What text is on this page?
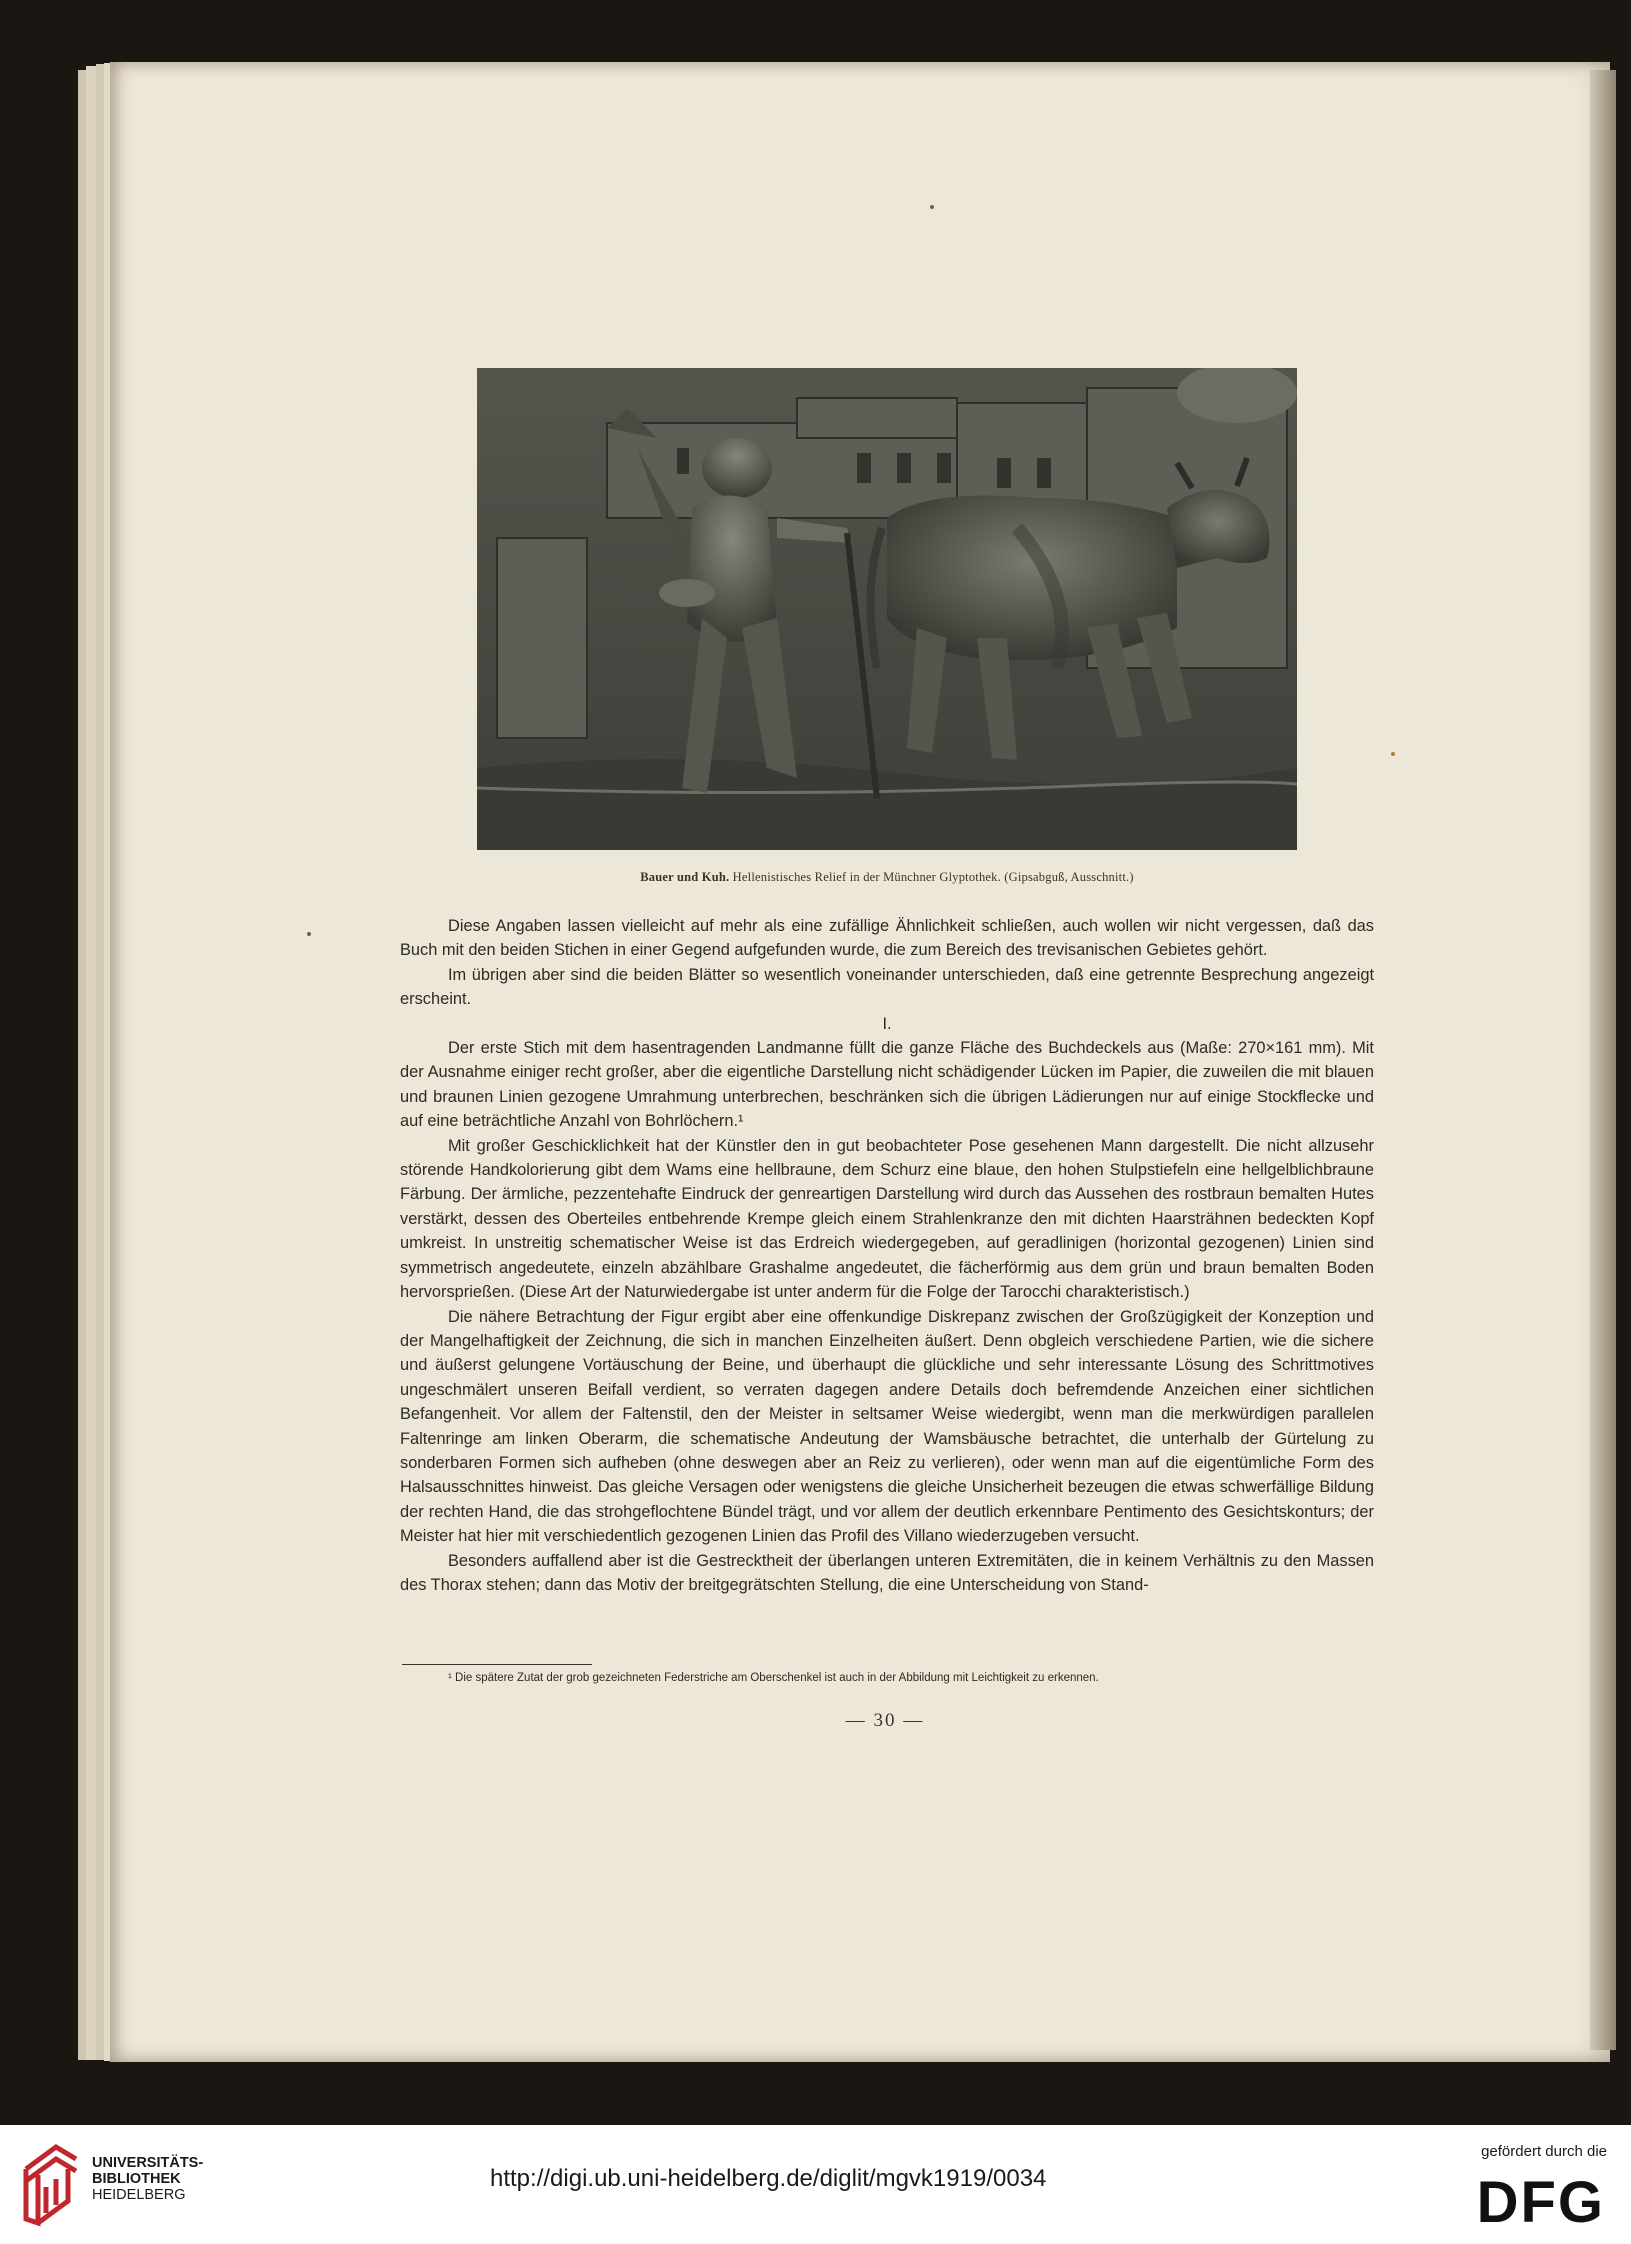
Bauer und Kuh. Hellenistisches Relief in der Münchner Glyptothek. (Gipsabguß, Ausschnitt.)

Diese Angaben lassen vielleicht auf mehr als eine zufällige Ähnlichkeit schließen, auch wollen wir nicht vergessen, daß das Buch mit den beiden Stichen in einer Gegend aufgefunden wurde, die zum Bereich des trevisanischen Gebietes gehört.

Im übrigen aber sind die beiden Blätter so wesentlich voneinander unterschieden, daß eine getrennte Besprechung angezeigt erscheint.

I.

Der erste Stich mit dem hasentragenden Landmanne füllt die ganze Fläche des Buchdeckels aus (Maße: 270×161 mm). Mit der Ausnahme einiger recht großer, aber die eigentliche Darstellung nicht schädigender Lücken im Papier, die zuweilen die mit blauen und braunen Linien gezogene Umrahmung unterbrechen, beschränken sich die übrigen Lädierungen nur auf einige Stockflecke und auf eine beträchtliche Anzahl von Bohrlöchern.¹

Mit großer Geschicklichkeit hat der Künstler den in gut beobachteter Pose gesehenen Mann dargestellt. Die nicht allzusehr störende Handkolorierung gibt dem Wams eine hellbraune, dem Schurz eine blaue, den hohen Stulpstiefeln eine hellgelblichbraune Färbung. Der ärmliche, pezzentehafte Eindruck der genreartigen Darstellung wird durch das Aussehen des rostbraun bemalten Hutes verstärkt, dessen des Oberteiles entbehrende Krempe gleich einem Strahlenkranze den mit dichten Haarsträhnen bedeckten Kopf umkreist. In unstreitig schematischer Weise ist das Erdreich wiedergegeben, auf geradlinigen (horizontal gezogenen) Linien sind symmetrisch angedeutete, einzeln abzählbare Grashalme angedeutet, die fächerförmig aus dem grün und braun bemalten Boden hervorsprießen. (Diese Art der Naturwiedergabe ist unter anderm für die Folge der Tarocchi charakteristisch.)

Die nähere Betrachtung der Figur ergibt aber eine offenkundige Diskrepanz zwischen der Großzügigkeit der Konzeption und der Mangelhaftigkeit der Zeichnung, die sich in manchen Einzelheiten äußert. Denn obgleich verschiedene Partien, wie die sichere und äußerst gelungene Vortäuschung der Beine, und überhaupt die glückliche und sehr interessante Lösung des Schrittmotives ungeschmälert unseren Beifall verdient, so verraten dagegen andere Details doch befremdende Anzeichen einer sichtlichen Befangenheit. Vor allem der Faltenstil, den der Meister in seltsamer Weise wiedergibt, wenn man die merkwürdigen parallelen Faltenringe am linken Oberarm, die schematische Andeutung der Wamsbäusche betrachtet, die unterhalb der Gürtelung zu sonderbaren Formen sich aufheben (ohne deswegen aber an Reiz zu verlieren), oder wenn man auf die eigentümliche Form des Halsausschnittes hinweist. Das gleiche Versagen oder wenigstens die gleiche Unsicherheit bezeugen die etwas schwerfällige Bildung der rechten Hand, die das strohgeflochtene Bündel trägt, und vor allem der deutlich erkennbare Pentimento des Gesichtskonturs; der Meister hat hier mit verschiedentlich gezogenen Linien das Profil des Villano wiederzugeben versucht.

Besonders auffallend aber ist die Gestrecktheit der überlangen unteren Extremitäten, die in keinem Verhältnis zu den Massen des Thorax stehen; dann das Motiv der breitgegrätschten Stellung, die eine Unterscheidung von Stand-

¹ Die spätere Zutat der grob gezeichneten Federstriche am Oberschenkel ist auch in der Abbildung mit Leichtigkeit zu erkennen.
— 30 —
UNIVERSITÄTS-
BIBLIOTHEK
HEIDELBERG
http://digi.ub.uni-heidelberg.de/diglit/mgvk1919/0034
gefördert durch die
DFG
